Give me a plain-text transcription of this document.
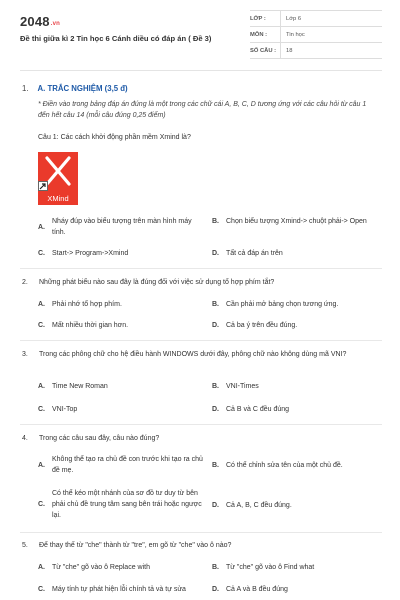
2048.vn
Đề thi giữa kì 2 Tin học 6 Cánh diều có đáp án ( Đề 3)
LỚP :	Lớp 6
MÔN :	Tin học
SỐ CÂU :	18
1. A. TRẮC NGHIỆM (3,5 đ)
* Điền vào trong bảng đáp án đúng là một trong các chữ cái A, B, C, D tương ứng với các câu hỏi từ câu 1 đến hết câu 14 (mỗi câu đúng 0,25 điểm)
Câu 1: Các cách khởi động phần mềm Xmind là?
XMind
A.
Nháy đúp vào biểu tượng trên màn hình máy tính.
B.	Chọn biểu tượng Xmind-> chuột phải-> Open
C.	Start-> Program->Xmind	D.	Tất cả đáp án trên
2. Những phát biểu nào sau đây là đúng đối với việc sử dụng tổ hợp phím tắt?
A.	Phải nhớ tổ hợp phím.	B.	Cần phải mở bảng chọn tương ứng.
C.	Mất nhiều thời gian hơn.	D.	Cả ba ý trên đều đúng.
3. Trong các phông chữ cho hệ điều hành WINDOWS dưới đây, phông chữ nào không dùng mã VNI?
A.	Time New Roman	B.	VNI-Times
C.	VNI-Top	D.	Cả B và C đều đúng
4. Trong các câu sau đây, câu nào đúng?
A.
Không thể tạo ra chủ đề con trước khi tạo ra chủ đề mẹ.
B.	Có thể chỉnh sửa tên của một chủ đề.
C.
Có thể kéo một nhánh của sơ đồ tư duy từ bên phải chủ đề trung tâm sang bên trái hoặc ngược lại.
D.	Cả A, B, C đều đúng.
5. Để thay thế từ "che" thành từ "tre", em gõ từ "che" vào ô nào?
A.	Từ "che" gõ vào ô Replace with	B.	Từ "che" gõ vào ô Find what
C.	Máy tính tự phát hiện lỗi chính tả và tự sửa	D.	Cả A và B đều đúng
